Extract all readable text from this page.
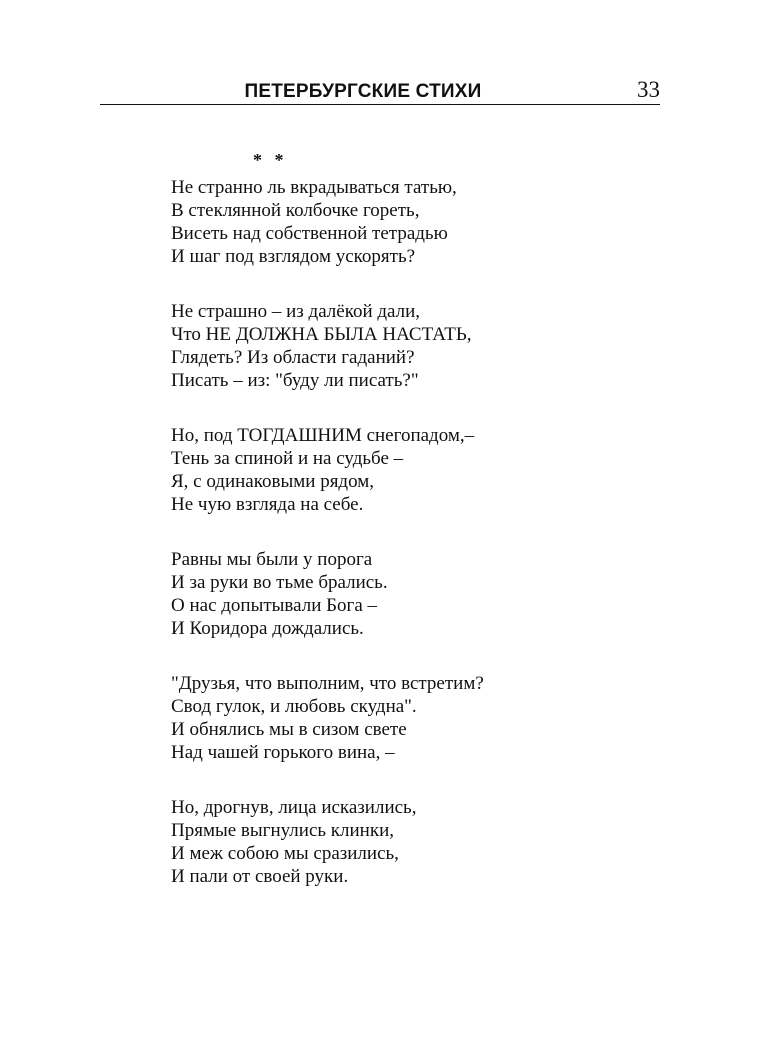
ПЕТЕРБУРГСКИЕ СТИХИ	33
* *
Не странно ль вкрадываться татью,
В стеклянной колбочке гореть,
Висеть над собственной тетрадью
И шаг под взглядом ускорять?
Не страшно – из далёкой дали,
Что НЕ ДОЛЖНА БЫЛА НАСТАТЬ,
Глядеть? Из области гаданий?
Писать – из: "буду ли писать?"
Но, под ТОГДАШНИМ снегопадом,–
Тень за спиной и на судьбе –
Я, с одинаковыми рядом,
Не чую взгляда на себе.
Равны мы были у порога
И за руки во тьме брались.
О нас допытывали Бога –
И Коридора дождались.
"Друзья, что выполним, что встретим?
Свод гулок, и любовь скудна".
И обнялись мы в сизом свете
Над чашей горького вина, –
Но, дрогнув, лица исказились,
Прямые выгнулись клинки,
И меж собою мы сразились,
И пали от своей руки.
